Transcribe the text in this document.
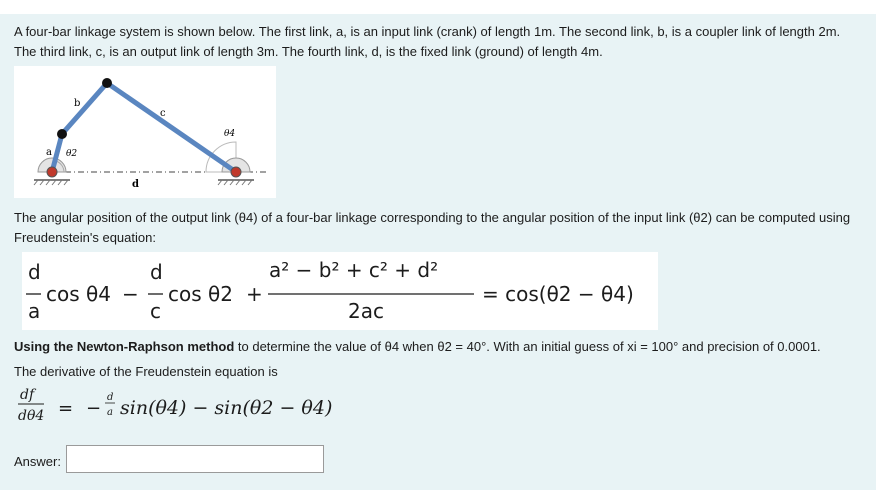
A four-bar linkage system is shown below. The first link, a, is an input link (crank) of length 1m. The second link, b, is a coupler link of length 2m. The third link, c, is an output link of length 3m. The fourth link, d, is the fixed link (ground) of length 4m.

a
b
c
d
θ2
θ4

The angular position of the output link (θ4) of a four-bar linkage corresponding to the angular position of the input link (θ2) can be computed using Freudenstein's equation:

d
a
cos θ4 −
d
c
cos θ2 +
a² − b² + c² + d²
2ac
= cos(θ2 − θ4)

Using the Newton-Raphson method to determine the value of θ4 when θ2 = 40°. With an initial guess of xi = 100° and precision of 0.0001.

The derivative of the Freudenstein equation is

df
dθ4 = −
d
a sin(θ4) − sin(θ2 − θ4)
Answer:
